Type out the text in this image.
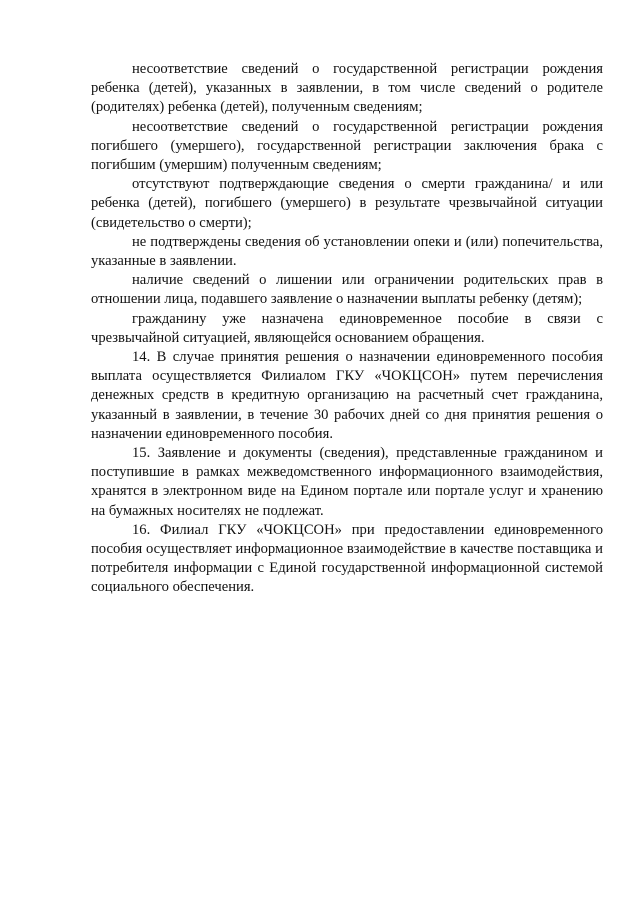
несоответствие сведений о государственной регистрации рождения ребенка (детей), указанных в заявлении, в том числе сведений о родителе (родителях) ребенка (детей), полученным сведениям;

несоответствие сведений о государственной регистрации рождения погибшего (умершего), государственной регистрации заключения брака с погибшим (умершим) полученным сведениям;

отсутствуют подтверждающие сведения о смерти гражданина/ и или ребенка (детей), погибшего (умершего) в результате чрезвычайной ситуации (свидетельство о смерти);

не подтверждены сведения об установлении опеки и (или) попечительства, указанные в заявлении.

наличие сведений о лишении или ограничении родительских прав в отношении лица, подавшего заявление о назначении выплаты ребенку (детям);

гражданину уже назначена единовременное пособие в связи с чрезвычайной ситуацией, являющейся основанием обращения.

14. В случае принятия решения о назначении единовременного пособия выплата осуществляется Филиалом ГКУ «ЧОКЦСОН» путем перечисления денежных средств в кредитную организацию на расчетный счет гражданина, указанный в заявлении, в течение 30 рабочих дней со дня принятия решения о назначении единовременного пособия.

15. Заявление и документы (сведения), представленные гражданином и поступившие в рамках межведомственного информационного взаимодействия, хранятся в электронном виде на Едином портале или портале услуг и хранению на бумажных носителях не подлежат.

16. Филиал ГКУ «ЧОКЦСОН» при предоставлении единовременного пособия осуществляет информационное взаимодействие в качестве поставщика и потребителя информации с Единой государственной информационной системой социального обеспечения.
